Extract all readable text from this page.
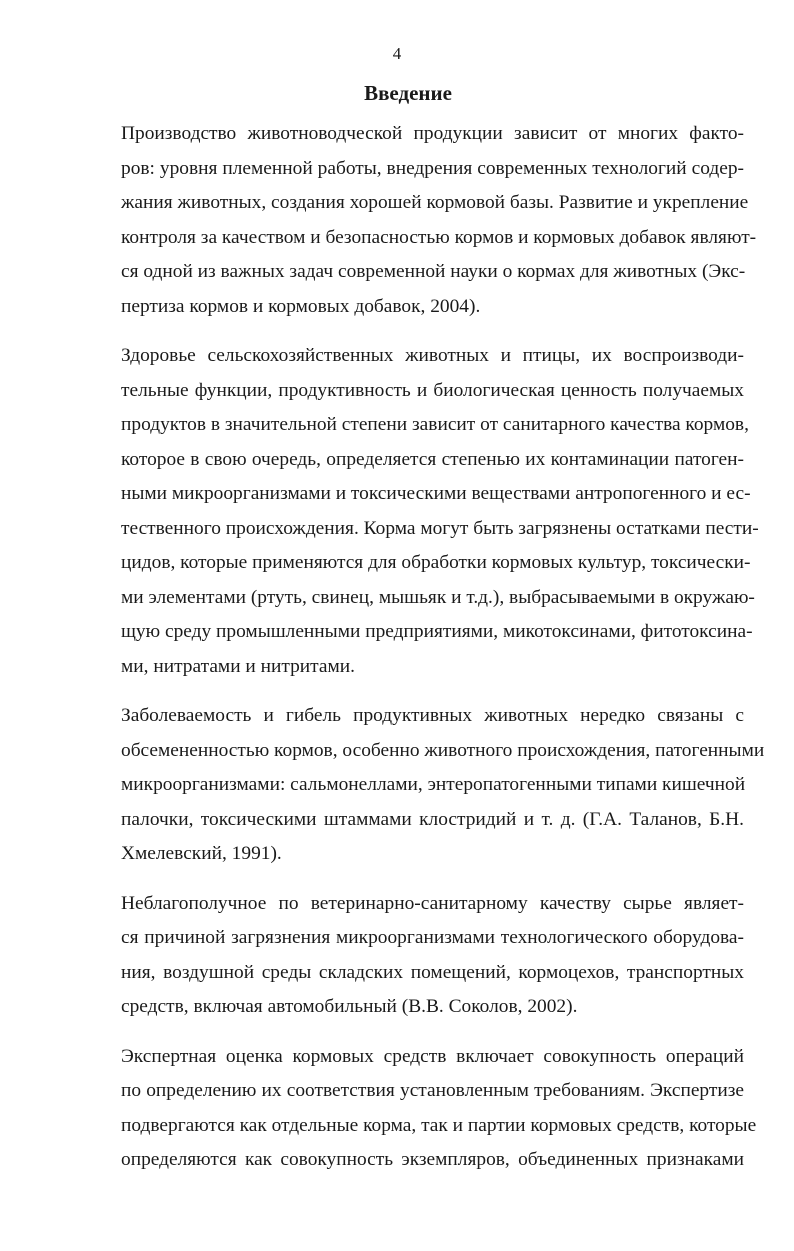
4
Введение
Производство животноводческой продукции зависит от многих факто-
ров: уровня племенной работы, внедрения современных технологий содер-
жания животных, создания хорошей кормовой базы. Развитие и укрепление
контроля за качеством и безопасностью кормов и кормовых добавок являют-
ся одной из важных задач современной науки о кормах для животных (Экс-
пертиза кормов и кормовых добавок, 2004).
Здоровье сельскохозяйственных животных и птицы, их воспроизводи-
тельные функции, продуктивность и биологическая ценность получаемых
продуктов в значительной степени зависит от санитарного качества кормов,
которое в свою очередь, определяется степенью их контаминации патоген-
ными микроорганизмами и токсическими веществами антропогенного и ес-
тественного происхождения. Корма могут быть загрязнены остатками пести-
цидов, которые применяются для обработки кормовых культур, токсически-
ми элементами (ртуть, свинец, мышьяк и т.д.), выбрасываемыми в окружаю-
щую среду промышленными предприятиями, микотоксинами, фитотоксина-
ми, нитратами и нитритами.
Заболеваемость и гибель продуктивных животных нередко связаны с
обсемененностью кормов, особенно животного происхождения, патогенными
микроорганизмами: сальмонеллами, энтеропатогенными типами кишечной
палочки, токсическими штаммами клостридий и т. д. (Г.А. Таланов, Б.Н.
Хмелевский, 1991).
Неблагополучное по ветеринарно-санитарному качеству сырье являет-
ся причиной загрязнения микроорганизмами технологического оборудова-
ния, воздушной среды складских помещений, кормоцехов, транспортных
средств, включая автомобильный (В.В. Соколов, 2002).
Экспертная оценка кормовых средств включает совокупность операций
по определению их соответствия установленным требованиям. Экспертизе
подвергаются как отдельные корма, так и партии кормовых средств, которые
определяются как совокупность экземпляров, объединенных признаками
